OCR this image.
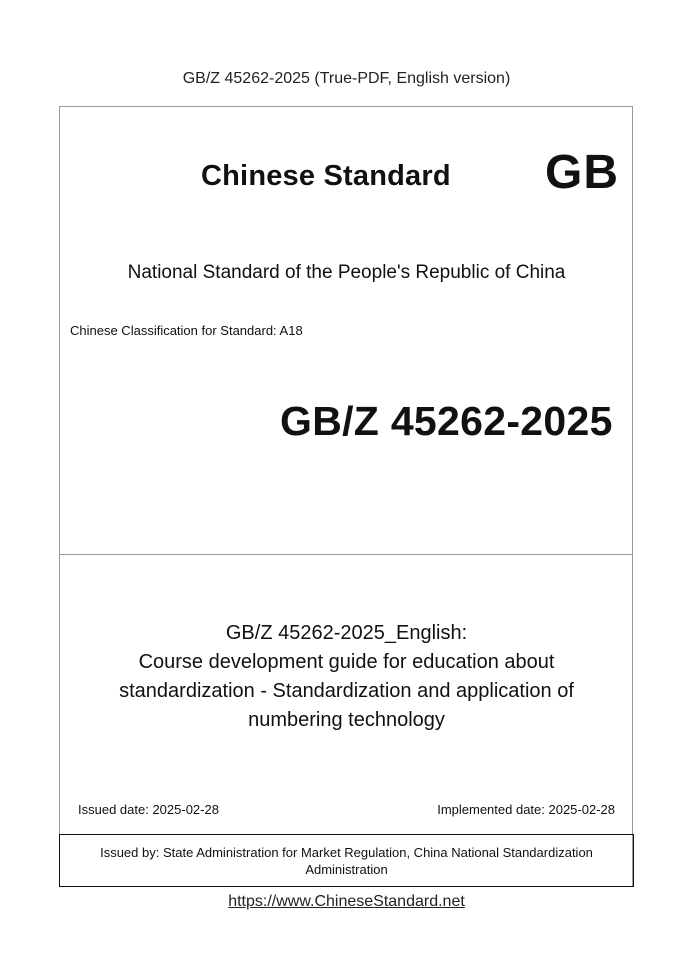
GB/Z 45262-2025 (True-PDF, English version)
Chinese Standard GB
National Standard of the People's Republic of China
Chinese Classification for Standard: A18
GB/Z 45262-2025
GB/Z 45262-2025_English:
Course development guide for education about
standardization - Standardization and application of
numbering technology
Issued date: 2025-02-28	Implemented date: 2025-02-28
Issued by: State Administration for Market Regulation, China National Standardization Administration
https://www.ChineseStandard.net
